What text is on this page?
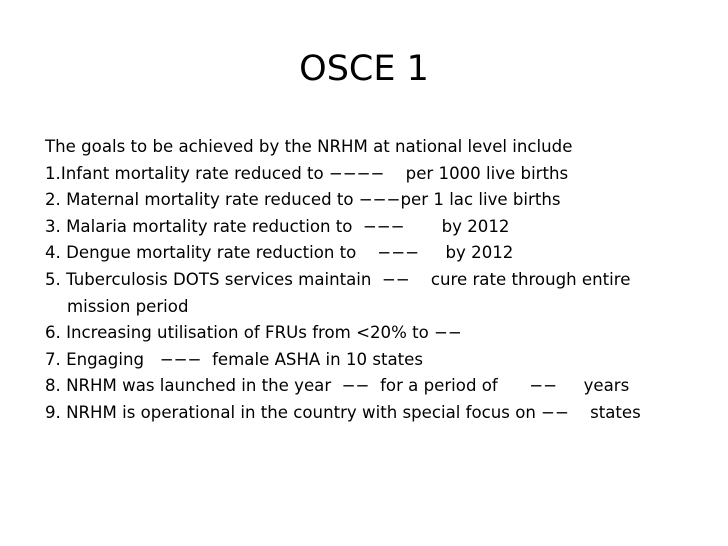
OSCE 1
The goals to be achieved by the NRHM at national level include
1.Infant mortality rate reduced to −−−−    per 1000 live births
2. Maternal mortality rate reduced to −−−per 1 lac live births
3. Malaria mortality rate reduction to  −−−       by 2012
4. Dengue mortality rate reduction to    −−−     by 2012
5. Tuberculosis DOTS services maintain  −−    cure rate through entire
mission period
6. Increasing utilisation of FRUs from <20% to −−
7. Engaging   −−−  female ASHA in 10 states
8. NRHM was launched in the year  −−  for a period of      −−     years
9. NRHM is operational in the country with special focus on −−    states
